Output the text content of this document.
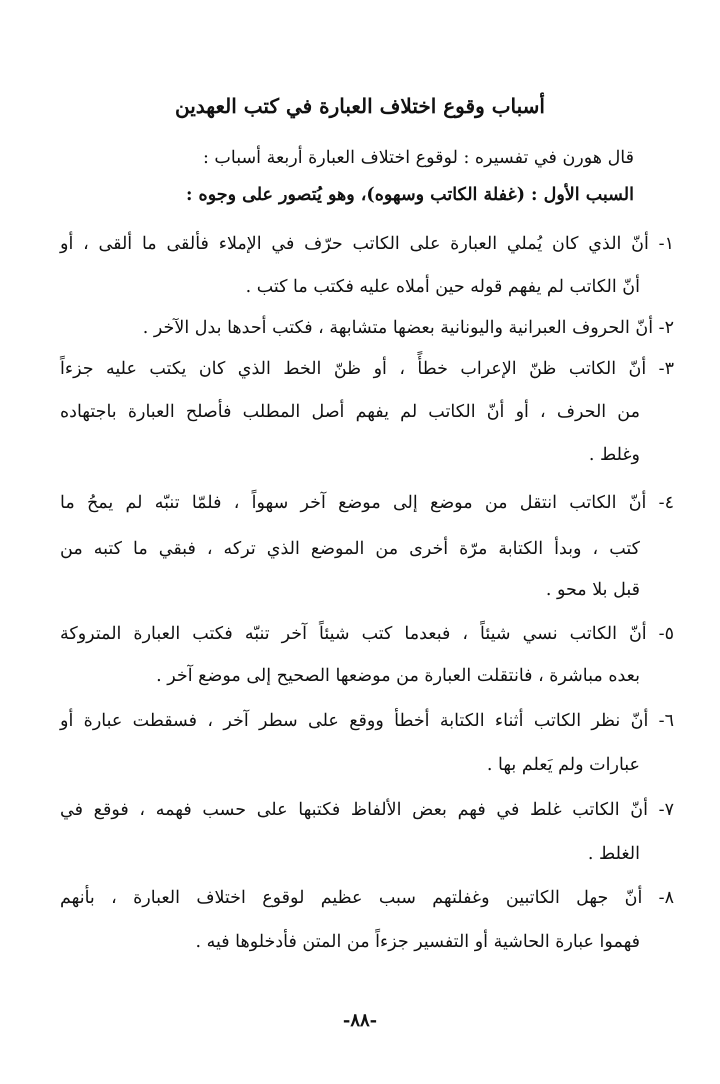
أسباب وقوع اختلاف العبارة في كتب العهدين
قال هورن في تفسيره : لوقوع اختلاف العبارة أربعة أسباب :
السبب الأول : (غفلة الكاتب وسهوه)، وهو يُتصور على وجوه :
١- أنّ الذي كان يُملي العبارة على الكاتب حرّف في الإملاء فألقى ما ألقى ، أو
أنّ الكاتب لم يفهم قوله حين أملاه عليه فكتب ما كتب .
٢- أنّ الحروف العبرانية واليونانية بعضها متشابهة ، فكتب أحدها بدل الآخر .
٣- أنّ الكاتب ظنّ الإعراب خطأً ، أو ظنّ الخط الذي كان يكتب عليه جزءاً
من الحرف ، أو أنّ الكاتب لم يفهم أصل المطلب فأصلح العبارة باجتهاده
وغلط .
٤- أنّ الكاتب انتقل من موضع إلى موضع آخر سهواً ، فلمّا تنبّه لم يمحُ ما
كتب ، وبدأ الكتابة مرّة أخرى من الموضع الذي تركه ، فبقي ما كتبه من
قبل بلا محو .
٥- أنّ الكاتب نسي شيئاً ، فبعدما كتب شيئاً آخر تنبّه فكتب العبارة المتروكة
بعده مباشرة ، فانتقلت العبارة من موضعها الصحيح إلى موضع آخر .
٦- أنّ نظر الكاتب أثناء الكتابة أخطأ ووقع على سطر آخر ، فسقطت عبارة أو
عبارات ولم يَعلم بها .
٧- أنّ الكاتب غلط في فهم بعض الألفاظ فكتبها على حسب فهمه ، فوقع في
الغلط .
٨- أنّ جهل الكاتبين وغفلتهم سبب عظيم لوقوع اختلاف العبارة ، بأنهم
فهموا عبارة الحاشية أو التفسير جزءاً من المتن فأدخلوها فيه .
-٨٨-
